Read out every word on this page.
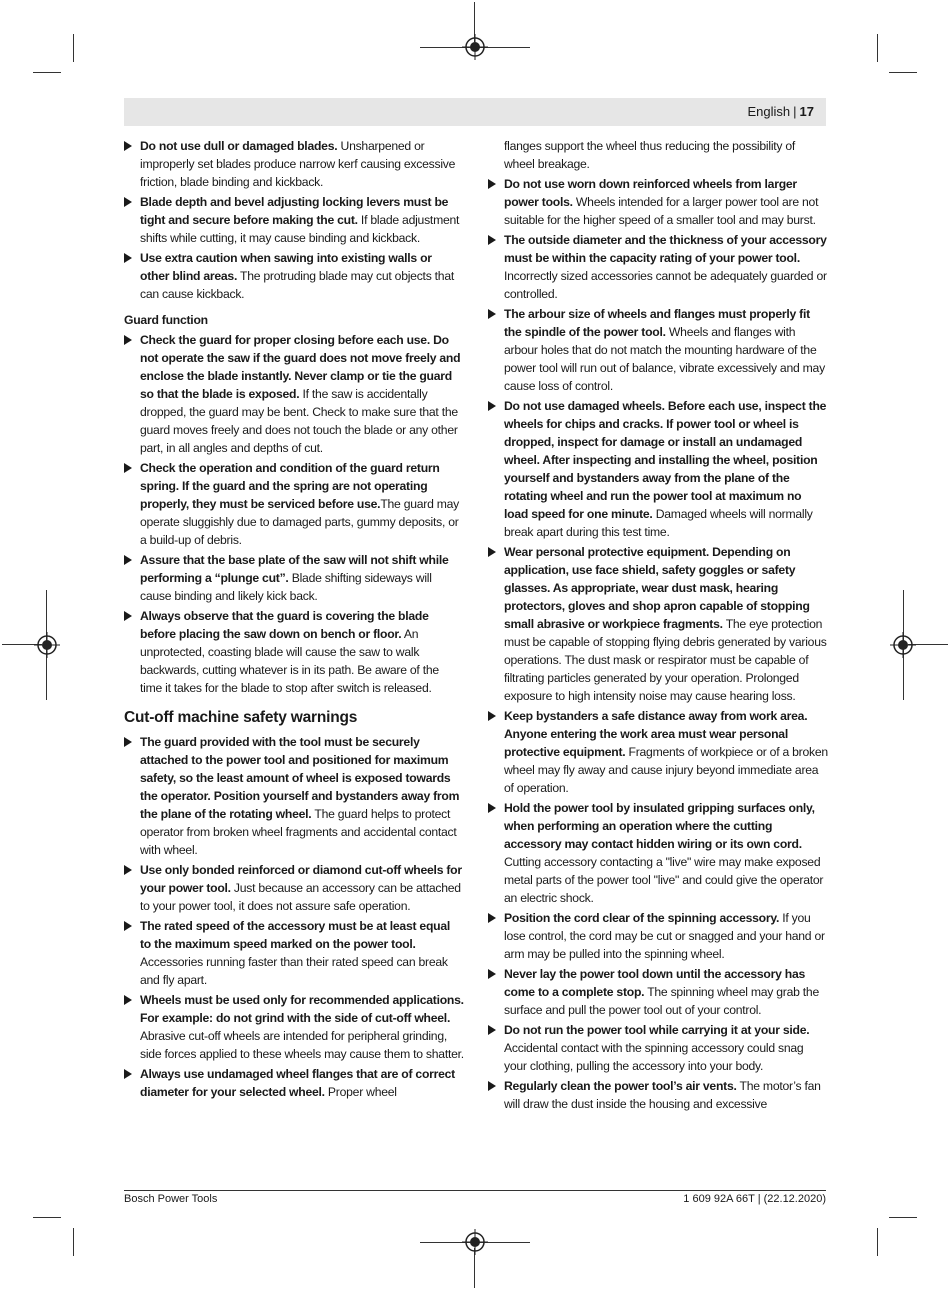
English | 17
Do not use dull or damaged blades. Unsharpened or improperly set blades produce narrow kerf causing excessive friction, blade binding and kickback.
Blade depth and bevel adjusting locking levers must be tight and secure before making the cut. If blade adjustment shifts while cutting, it may cause binding and kickback.
Use extra caution when sawing into existing walls or other blind areas. The protruding blade may cut objects that can cause kickback.
Guard function
Check the guard for proper closing before each use. Do not operate the saw if the guard does not move freely and enclose the blade instantly. Never clamp or tie the guard so that the blade is exposed. If the saw is accidentally dropped, the guard may be bent. Check to make sure that the guard moves freely and does not touch the blade or any other part, in all angles and depths of cut.
Check the operation and condition of the guard return spring. If the guard and the spring are not operating properly, they must be serviced before use.The guard may operate sluggishly due to damaged parts, gummy deposits, or a build-up of debris.
Assure that the base plate of the saw will not shift while performing a “plunge cut”. Blade shifting sideways will cause binding and likely kick back.
Always observe that the guard is covering the blade before placing the saw down on bench or floor. An unprotected, coasting blade will cause the saw to walk backwards, cutting whatever is in its path. Be aware of the time it takes for the blade to stop after switch is released.
Cut-off machine safety warnings
The guard provided with the tool must be securely attached to the power tool and positioned for maximum safety, so the least amount of wheel is exposed towards the operator. Position yourself and bystanders away from the plane of the rotating wheel. The guard helps to protect operator from broken wheel fragments and accidental contact with wheel.
Use only bonded reinforced or diamond cut-off wheels for your power tool. Just because an accessory can be attached to your power tool, it does not assure safe operation.
The rated speed of the accessory must be at least equal to the maximum speed marked on the power tool. Accessories running faster than their rated speed can break and fly apart.
Wheels must be used only for recommended applications. For example: do not grind with the side of cut-off wheel. Abrasive cut-off wheels are intended for peripheral grinding, side forces applied to these wheels may cause them to shatter.
Always use undamaged wheel flanges that are of correct diameter for your selected wheel. Proper wheel
flanges support the wheel thus reducing the possibility of wheel breakage.
Do not use worn down reinforced wheels from larger power tools. Wheels intended for a larger power tool are not suitable for the higher speed of a smaller tool and may burst.
The outside diameter and the thickness of your accessory must be within the capacity rating of your power tool. Incorrectly sized accessories cannot be adequately guarded or controlled.
The arbour size of wheels and flanges must properly fit the spindle of the power tool. Wheels and flanges with arbour holes that do not match the mounting hardware of the power tool will run out of balance, vibrate excessively and may cause loss of control.
Do not use damaged wheels. Before each use, inspect the wheels for chips and cracks. If power tool or wheel is dropped, inspect for damage or install an undamaged wheel. After inspecting and installing the wheel, position yourself and bystanders away from the plane of the rotating wheel and run the power tool at maximum no load speed for one minute. Damaged wheels will normally break apart during this test time.
Wear personal protective equipment. Depending on application, use face shield, safety goggles or safety glasses. As appropriate, wear dust mask, hearing protectors, gloves and shop apron capable of stopping small abrasive or workpiece fragments. The eye protection must be capable of stopping flying debris generated by various operations. The dust mask or respirator must be capable of filtrating particles generated by your operation. Prolonged exposure to high intensity noise may cause hearing loss.
Keep bystanders a safe distance away from work area. Anyone entering the work area must wear personal protective equipment. Fragments of workpiece or of a broken wheel may fly away and cause injury beyond immediate area of operation.
Hold the power tool by insulated gripping surfaces only, when performing an operation where the cutting accessory may contact hidden wiring or its own cord. Cutting accessory contacting a "live" wire may make exposed metal parts of the power tool "live" and could give the operator an electric shock.
Position the cord clear of the spinning accessory. If you lose control, the cord may be cut or snagged and your hand or arm may be pulled into the spinning wheel.
Never lay the power tool down until the accessory has come to a complete stop. The spinning wheel may grab the surface and pull the power tool out of your control.
Do not run the power tool while carrying it at your side. Accidental contact with the spinning accessory could snag your clothing, pulling the accessory into your body.
Regularly clean the power tool’s air vents. The motor’s fan will draw the dust inside the housing and excessive
Bosch Power Tools	1 609 92A 66T | (22.12.2020)
